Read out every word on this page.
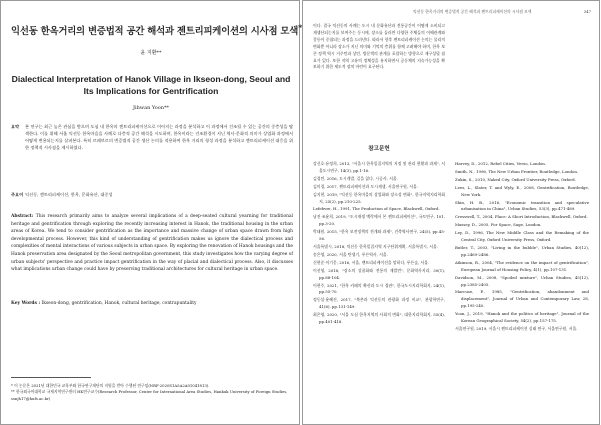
익선동 한옥거리의 변증법적 공간 해석과 젠트리피케이션의 시사점 모색*
윤 지환**
Dialectical Interpretation of Hanok Village in Ikseon-dong, Seoul and Its Implications for Gentrification
Jihwan Yoon**
요약 본 연구는 최근 높은 관심을 받으며 도심 내 한옥의 젠트리피케이션으로 이어지는 과정을 분석하고 이 과정에서 건조될 수 있는 공간의 중층성을 탐색한다. 이를 위해 서울 익선동 한옥마을을 사례로 다층적 공간 해석을 시도하며, 한옥이라는 건조환경이 지닌 역사·문화적 의미가 상업화 과정에서 어떻게 변용되는지를 살펴본다. 특히 르페브르의 변증법적 공간 생산 논의를 적용하여 한옥 거리의 형성 과정을 분석하고 젠트리피케이션 대응을 위한 정책적 시사점을 제시하였다.
주요어 익선동, 젠트리피케이션, 한옥, 문화유산, 대중성
Abstract: This research primarily aims to analyze several implications of a deep-seated cultural yearning for traditional heritage and gentrification through exploring the recently increasing interest in Hanok, the traditional housing in the urban areas of Korea. We tend to consider gentrification as the importance and massive change of urban space drawn from high developmental process. However, this kind of understanding of gentrification makes us ignore the dialectical process and complexities of mental interactions of various subjects in urban space. By exploring the renovation of Hanok housings and the Hanok preservation area designated by the Seoul metropolitan government, this study investigates how the varying degree of urban subjects' perspective and practice impact gentrification in the way of placial and dialectical process. Also, it discusses what implications urban change could have by preserving traditional architectures for cultural heritage in urban space.
Key Words : Ikseon-dong, gentrification, Hanok, cultural heritage, contrapuntality
* 이 논문은 2021년 대한민국 교육부와 한국연구재단의 지원을 받아 수행된 연구임(NRF-2020S1A5A2A01041813).
** 한국외국어대학교 국제지역연구센터 HK연구교수(Research Professor, Center for International Area Studies, Hankuk University of Foreign Studies, ssnjh17@hufs.ac.kr)
익선동 한옥거리의 변증법적 공간 해석과 젠트리피케이션의 시사점 모색	347

이다. 결국 익선동의 사례는 도시 내 문화유산과 전통공간이 어떻게 소비되고 재생산되는지를 보여주는 동시에, 장소를 둘러싼 다양한 주체들의 이해관계와 갈등이 중첩되는 과정을 드러낸다. 따라서 향후 젠트리피케이션 논의는 물리적 변화뿐 아니라 장소가 지닌 의미와 기억의 층위를 함께 고려해야 하며, 한옥 보존 정책 역시 거주민과 상인, 방문객의 관계를 포괄하는 방향으로 재구성될 필요가 있다. 또한 지역 고유의 정체성을 유지하면서 공동체의 지속가능성을 확보하기 위한 제도적 장치 마련이 요구된다.

참고문헌
강신호·유정희, 2013, "서울시 한옥밀집지역의 지정 및 관리 현황과 과제", 서울도시연구, 14(3), pp.1-16.
김경민, 2016, 도시개발, 길을 잃다, 시공사, 서울.
김미경, 2017, 젠트리피케이션과 도시재생, 서울연구원, 서울.
김지현, 2019, "익선동 한옥마을의 상업화와 장소성 변화", 한국지역지리학회지, 25(2), pp.210-225.
Lefebvre, H., 1991, The Production of Space, Blackwell, Oxford.
남진·조윤희, 2019, "도시재생 맥락에서 본 젠트리피케이션", 국토연구, 101, pp.3-20.
박태원, 2015, "한옥 보전정책의 전개와 과제", 건축역사연구, 24(5), pp.45-56.
서울특별시, 2018, 익선동 한옥밀집지역 지구단위계획, 서울특별시, 서울.
송은영, 2020, 서울 탄생기, 푸른역사, 서울.
신현준·이기웅, 2016, 서울, 젠트리피케이션을 말하다, 푸른숲, 서울.
이선영, 2018, "장소의 상품화와 전통의 재발견", 문화역사지리, 30(1), pp.88-104.
이현주, 2021, "한옥 카페의 확산과 도시 경관", 한국도시지리학회지, 24(1), pp.55-70.
정동섭·윤혜진, 2017, "북촌과 익선동의 관광화 과정 비교", 관광학연구, 41(6), pp.131-149.
최은영, 2020, "서울 도심 한옥지역의 사회적 변화", 대한지리학회지, 55(4), pp.401-418.
Harvey, D., 2012, Rebel Cities, Verso, London.
Smith, N., 1996, The New Urban Frontier, Routledge, London.
Zukin, S., 2010, Naked City, Oxford University Press, Oxford.
Lees, L., Slater, T. and Wyly, E., 2008, Gentrification, Routledge, New York.
Shin, H. B., 2016, "Economic transition and speculative urbanisation in China", Urban Studies, 53(3), pp.471-489.
Cresswell, T., 2004, Place: A Short Introduction, Blackwell, Oxford.
Massey, D., 2005, For Space, Sage, London.
Ley, D., 1996, The New Middle Class and the Remaking of the Central City, Oxford University Press, Oxford.
Butler, T., 2003, "Living in the bubble", Urban Studies, 40(12), pp.2469-2486.
Atkinson, R., 2004, "The evidence on the impact of gentrification", European Journal of Housing Policy, 4(1), pp.107-131.
Davidson, M., 2008, "Spoiled mixture", Urban Studies, 45(12), pp.2385-2405.
Marcuse, P., 1985, "Gentrification, abandonment and displacement", Journal of Urban and Contemporary Law, 28, pp.195-240.
Yoon, J., 2019, "Hanok and the politics of heritage", Journal of the Korean Geographical Society, 54(2), pp.157-175.
서울연구원, 2019, 서울시 젠트리피케이션 실태 연구, 서울연구원, 서울.
